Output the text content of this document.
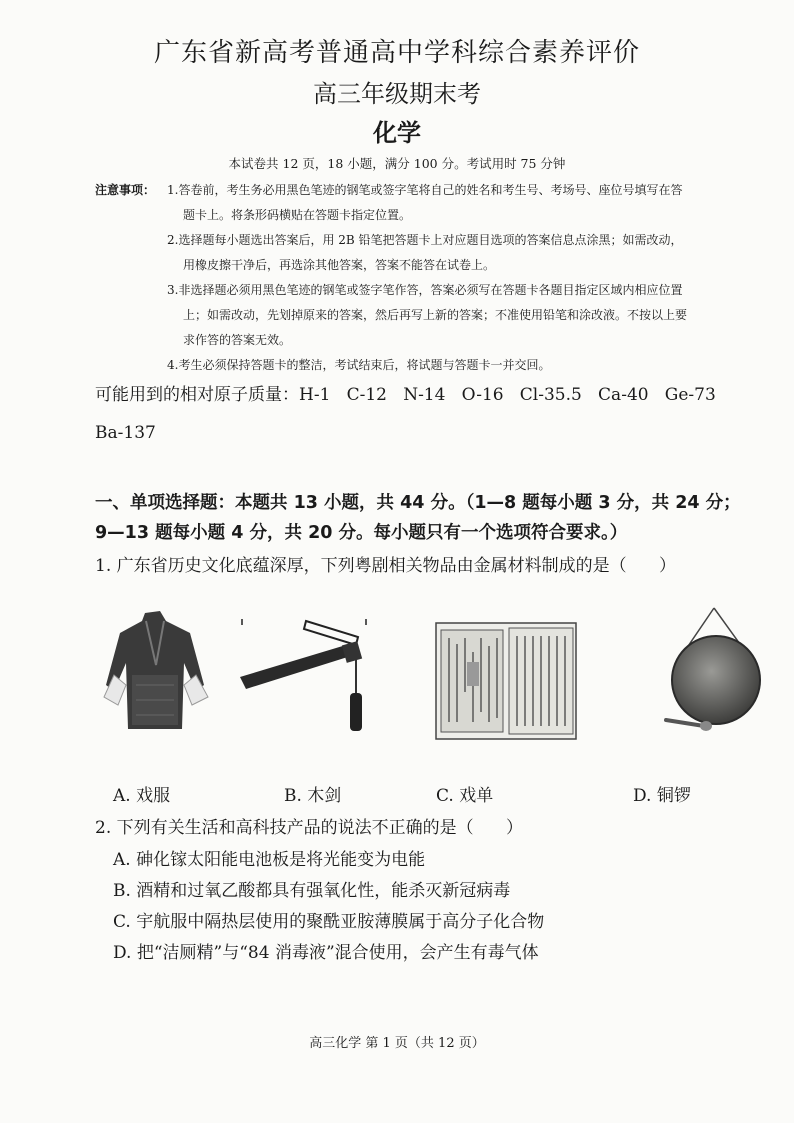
广东省新高考普通高中学科综合素养评价
高三年级期末考
化学
本试卷共 12 页，18 小题，满分 100 分。考试用时 75 分钟
注意事项： 1.答卷前，考生务必用黑色笔迹的钢笔或签字笔将自己的姓名和考生号、考场号、座位号填写在答
题卡上。将条形码横贴在答题卡指定位置。
2.选择题每小题选出答案后，用 2B 铅笔把答题卡上对应题目选项的答案信息点涂黑；如需改动，
用橡皮擦干净后，再选涂其他答案，答案不能答在试卷上。
3.非选择题必须用黑色笔迹的钢笔或签字笔作答，答案必须写在答题卡各题目指定区域内相应位置
上；如需改动，先划掉原来的答案，然后再写上新的答案；不准使用铅笔和涂改液。不按以上要
求作答的答案无效。
4.考生必须保持答题卡的整洁，考试结束后，将试题与答题卡一并交回。
可能用到的相对原子质量：H-1   C-12   N-14   O-16   Cl-35.5   Ca-40   Ge-73
Ba-137
一、单项选择题：本题共 13 小题，共 44 分。（1—8 题每小题 3 分，共 24 分；
9—13 题每小题 4 分，共 20 分。每小题只有一个选项符合要求。）
1. 广东省历史文化底蕴深厚，下列粤剧相关物品由金属材料制成的是（      ）
A. 戏服	B. 木剑	C. 戏单	D. 铜锣
2. 下列有关生活和高科技产品的说法不正确的是（      ）
A. 砷化镓太阳能电池板是将光能变为电能
B. 酒精和过氧乙酸都具有强氧化性，能杀灭新冠病毒
C. 宇航服中隔热层使用的聚酰亚胺薄膜属于高分子化合物
D. 把“洁厕精”与“84 消毒液”混合使用，会产生有毒气体
高三化学 第 1 页（共 12 页）
